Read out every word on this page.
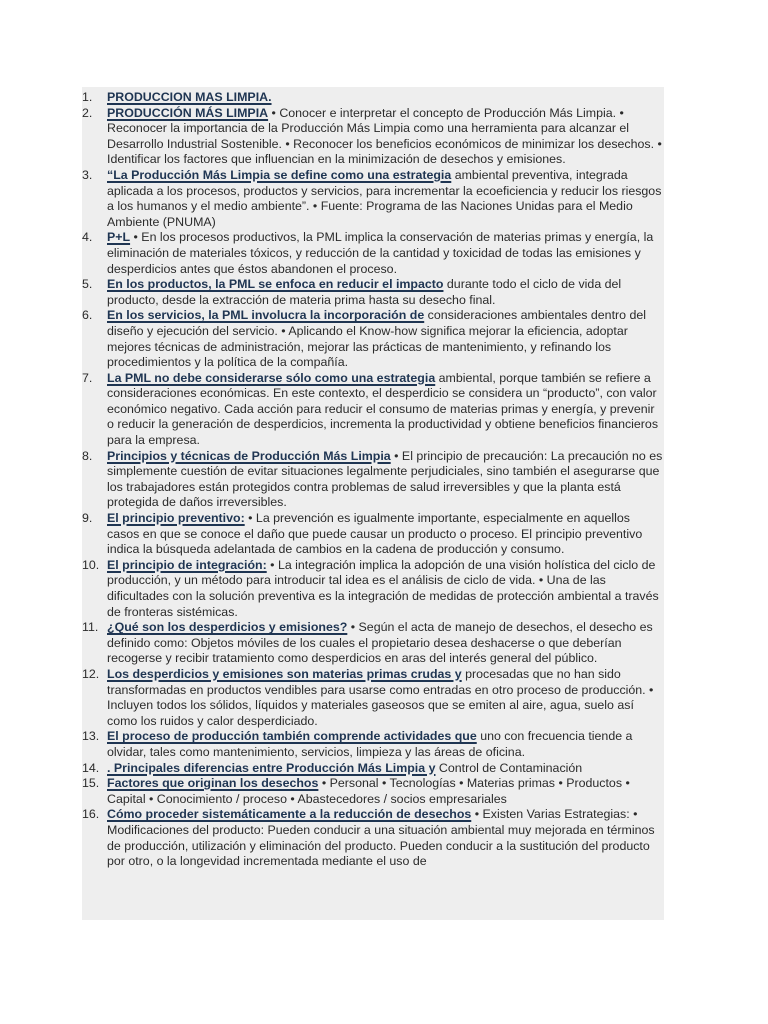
1.	PRODUCCION MAS LIMPIA.
2.	PRODUCCIÓN MÁS LIMPIA • Conocer e interpretar el concepto de Producción Más Limpia. • Reconocer la importancia de la Producción Más Limpia como una herramienta para alcanzar el Desarrollo Industrial Sostenible. • Reconocer los beneficios económicos de minimizar los desechos. • Identificar los factores que influencian en la minimización de desechos y emisiones.
3.	“La Producción Más Limpia se define como una estrategia ambiental preventiva, integrada aplicada a los procesos, productos y servicios, para incrementar la ecoeficiencia y reducir los riesgos a los humanos y el medio ambiente”. • Fuente: Programa de las Naciones Unidas para el Medio Ambiente (PNUMA)
4.	P+L • En los procesos productivos, la PML implica la conservación de materias primas y energía, la eliminación de materiales tóxicos, y reducción de la cantidad y toxicidad de todas las emisiones y desperdicios antes que éstos abandonen el proceso.
5.	En los productos, la PML se enfoca en reducir el impacto durante todo el ciclo de vida del producto, desde la extracción de materia prima hasta su desecho final.
6.	En los servicios, la PML involucra la incorporación de consideraciones ambientales dentro del diseño y ejecución del servicio. • Aplicando el Know-how significa mejorar la eficiencia, adoptar mejores técnicas de administración, mejorar las prácticas de mantenimiento, y refinando los procedimientos y la política de la compañía.
7.	La PML no debe considerarse sólo como una estrategia ambiental, porque también se refiere a consideraciones económicas. En este contexto, el desperdicio se considera un “producto”, con valor económico negativo. Cada acción para reducir el consumo de materias primas y energía, y prevenir o reducir la generación de desperdicios, incrementa la productividad y obtiene beneficios financieros para la empresa.
8.	Principios y técnicas de Producción Más Limpia • El principio de precaución: La precaución no es simplemente cuestión de evitar situaciones legalmente perjudiciales, sino también el asegurarse que los trabajadores están protegidos contra problemas de salud irreversibles y que la planta está protegida de daños irreversibles.
9.	El principio preventivo: • La prevención es igualmente importante, especialmente en aquellos casos en que se conoce el daño que puede causar un producto o proceso. El principio preventivo indica la búsqueda adelantada de cambios en la cadena de producción y consumo.
10. El principio de integración: • La integración implica la adopción de una visión holística del ciclo de producción, y un método para introducir tal idea es el análisis de ciclo de vida. • Una de las dificultades con la solución preventiva es la integración de medidas de protección ambiental a través de fronteras sistémicas.
11. ¿Qué son los desperdicios y emisiones? • Según el acta de manejo de desechos, el desecho es definido como: Objetos móviles de los cuales el propietario desea deshacerse o que deberían recogerse y recibir tratamiento como desperdicios en aras del interés general del público.
12. Los desperdicios y emisiones son materias primas crudas y procesadas que no han sido transformadas en productos vendibles para usarse como entradas en otro proceso de producción. • Incluyen todos los sólidos, líquidos y materiales gaseosos que se emiten al aire, agua, suelo así como los ruidos y calor desperdiciado.
13. El proceso de producción también comprende actividades que uno con frecuencia tiende a olvidar, tales como mantenimiento, servicios, limpieza y las áreas de oficina.
14. . Principales diferencias entre Producción Más Limpia y Control de Contaminación
15. Factores que originan los desechos • Personal • Tecnologías • Materias primas • Productos • Capital • Conocimiento / proceso • Abastecedores / socios empresariales
16. Cómo proceder sistemáticamente a la reducción de desechos • Existen Varias Estrategias: • Modificaciones del producto: Pueden conducir a una situación ambiental muy mejorada en términos de producción, utilización y eliminación del producto. Pueden conducir a la sustitución del producto por otro, o la longevidad incrementada mediante el uso de
